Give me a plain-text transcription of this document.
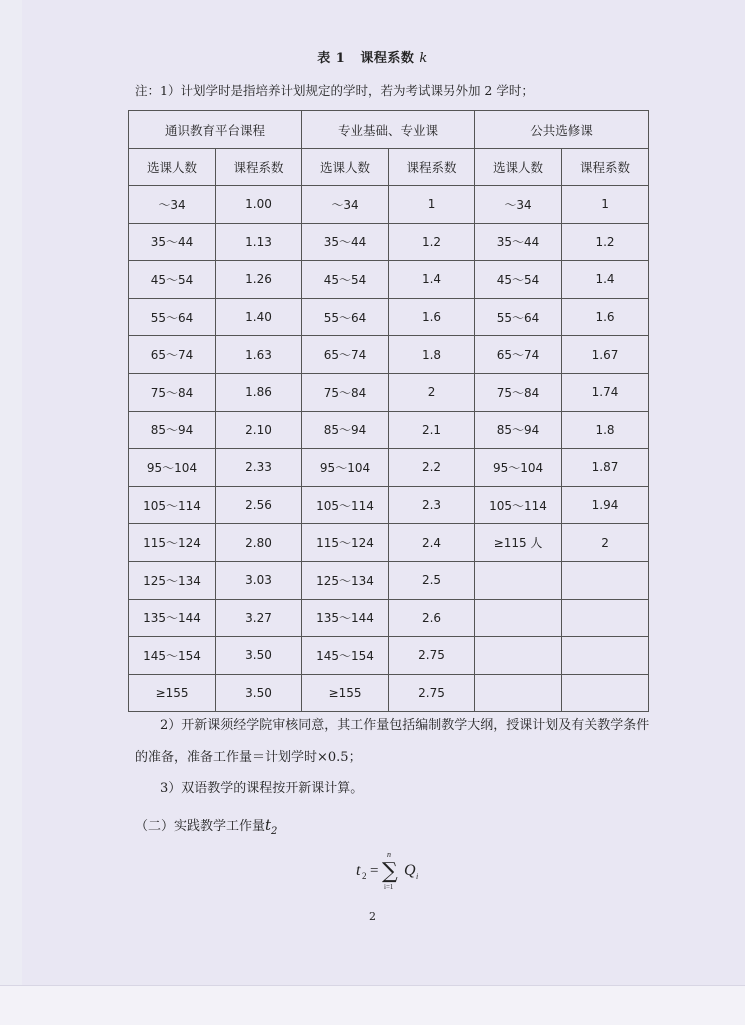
表 1 课程系数 k
注：1）计划学时是指培养计划规定的学时，若为考试课另外加 2 学时；
通识教育平台课程		专业基础、专业课		公共选修课	
选课人数	课程系数	选课人数	课程系数	选课人数	课程系数
～34	1.00	～34	1	～34	1
35～44	1.13	35～44	1.2	35～44	1.2
45～54	1.26	45～54	1.4	45～54	1.4
55～64	1.40	55～64	1.6	55～64	1.6
65～74	1.63	65～74	1.8	65～74	1.67
75～84	1.86	75～84	2	75～84	1.74
85～94	2.10	85～94	2.1	85～94	1.8
95～104	2.33	95～104	2.2	95～104	1.87
105～114	2.56	105～114	2.3	105～114	1.94
115～124	2.80	115～124	2.4	≥115 人	2
125～134	3.03	125～134	2.5		
135～144	3.27	135～144	2.6		
145～154	3.50	145～154	2.75		
≥155	3.50	≥155	2.75		
2）开新课须经学院审核同意，其工作量包括编制教学大纲，授课计划及有关教学条件
的准备，准备工作量＝计划学时×0.5；
3）双语教学的课程按开新课计算。
（二）实践教学工作量$t_2$
t 2 = ∑
n
i=1
Q i
2
